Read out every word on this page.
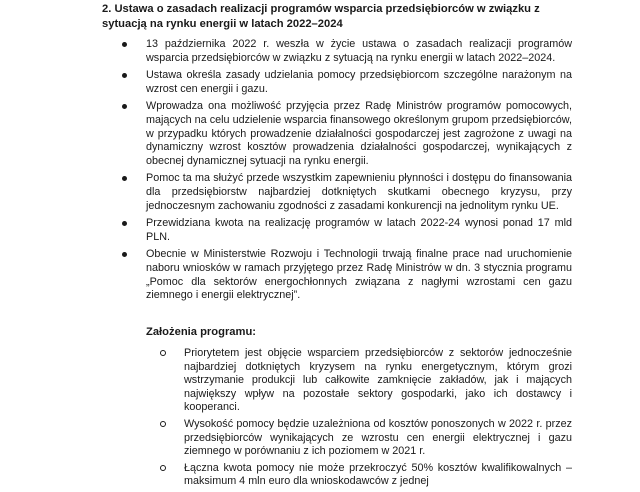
2. Ustawa o zasadach realizacji programów wsparcia przedsiębiorców w związku z sytuacją na rynku energii w latach 2022–2024
13 października 2022 r. weszła w życie ustawa o zasadach realizacji programów wsparcia przedsiębiorców w związku z sytuacją na rynku energii w latach 2022–2024.
Ustawa określa zasady udzielania pomocy przedsiębiorcom szczególne narażonym na wzrost cen energii i gazu.
Wprowadza ona możliwość przyjęcia przez Radę Ministrów programów pomocowych, mających na celu udzielenie wsparcia finansowego określonym grupom przedsiębiorców, w przypadku których prowadzenie działalności gospodarczej jest zagrożone z uwagi na dynamiczny wzrost kosztów prowadzenia działalności gospodarczej, wynikających z obecnej dynamicznej sytuacji na rynku energii.
Pomoc ta ma służyć przede wszystkim zapewnieniu płynności i dostępu do finansowania dla przedsiębiorstw najbardziej dotkniętych skutkami obecnego kryzysu, przy jednoczesnym zachowaniu zgodności z zasadami konkurencji na jednolitym rynku UE.
Przewidziana kwota na realizację programów w latach 2022-24 wynosi ponad 17 mld PLN.
Obecnie w Ministerstwie Rozwoju i Technologii trwają finalne prace nad uruchomienie naboru wniosków w ramach przyjętego przez Radę Ministrów w dn. 3 stycznia programu „Pomoc dla sektorów energochłonnych związana z nagłymi wzrostami cen gazu ziemnego i energii elektrycznej”.
Założenia programu:
Priorytetem jest objęcie wsparciem przedsiębiorców z sektorów jednocześnie najbardziej dotkniętych kryzysem na rynku energetycznym, którym grozi wstrzymanie produkcji lub całkowite zamknięcie zakładów, jak i mających największy wpływ na pozostałe sektory gospodarki, jako ich dostawcy i kooperanci.
Wysokość pomocy będzie uzależniona od kosztów ponoszonych w 2022 r. przez przedsiębiorców wynikających ze wzrostu cen energii elektrycznej i gazu ziemnego w porównaniu z ich poziomem w 2021 r.
Łączna kwota pomocy nie może przekroczyć 50% kosztów kwalifikowalnych – maksimum 4 mln euro dla wnioskodawców z jednej
